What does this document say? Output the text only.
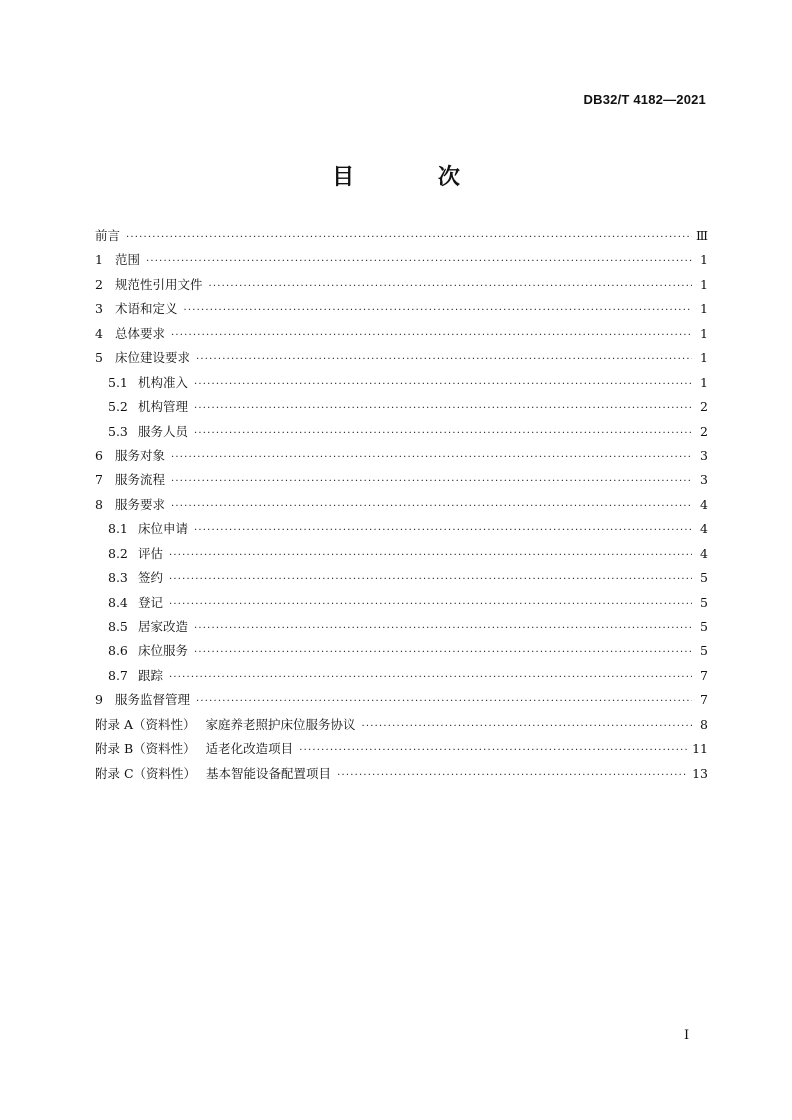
DB32/T 4182—2021
目 次
前言 ·····	Ⅲ
1 范围 ·····	1
2 规范性引用文件 ·····	1
3 术语和定义 ·····	1
4 总体要求 ·····	1
5 床位建设要求 ·····	1
5.1 机构准入 ·····	1
5.2 机构管理 ·····	2
5.3 服务人员 ·····	2
6 服务对象 ·····	3
7 服务流程 ·····	3
8 服务要求 ·····	4
8.1 床位申请 ·····	4
8.2 评估 ·····	4
8.3 签约 ·····	5
8.4 登记 ·····	5
8.5 居家改造 ·····	5
8.6 床位服务 ·····	5
8.7 跟踪 ·····	7
9 服务监督管理 ·····	7
附录 A（资料性） 家庭养老照护床位服务协议 ·····	8
附录 B（资料性） 适老化改造项目 ·····	11
附录 C（资料性） 基本智能设备配置项目 ·····	13
I
